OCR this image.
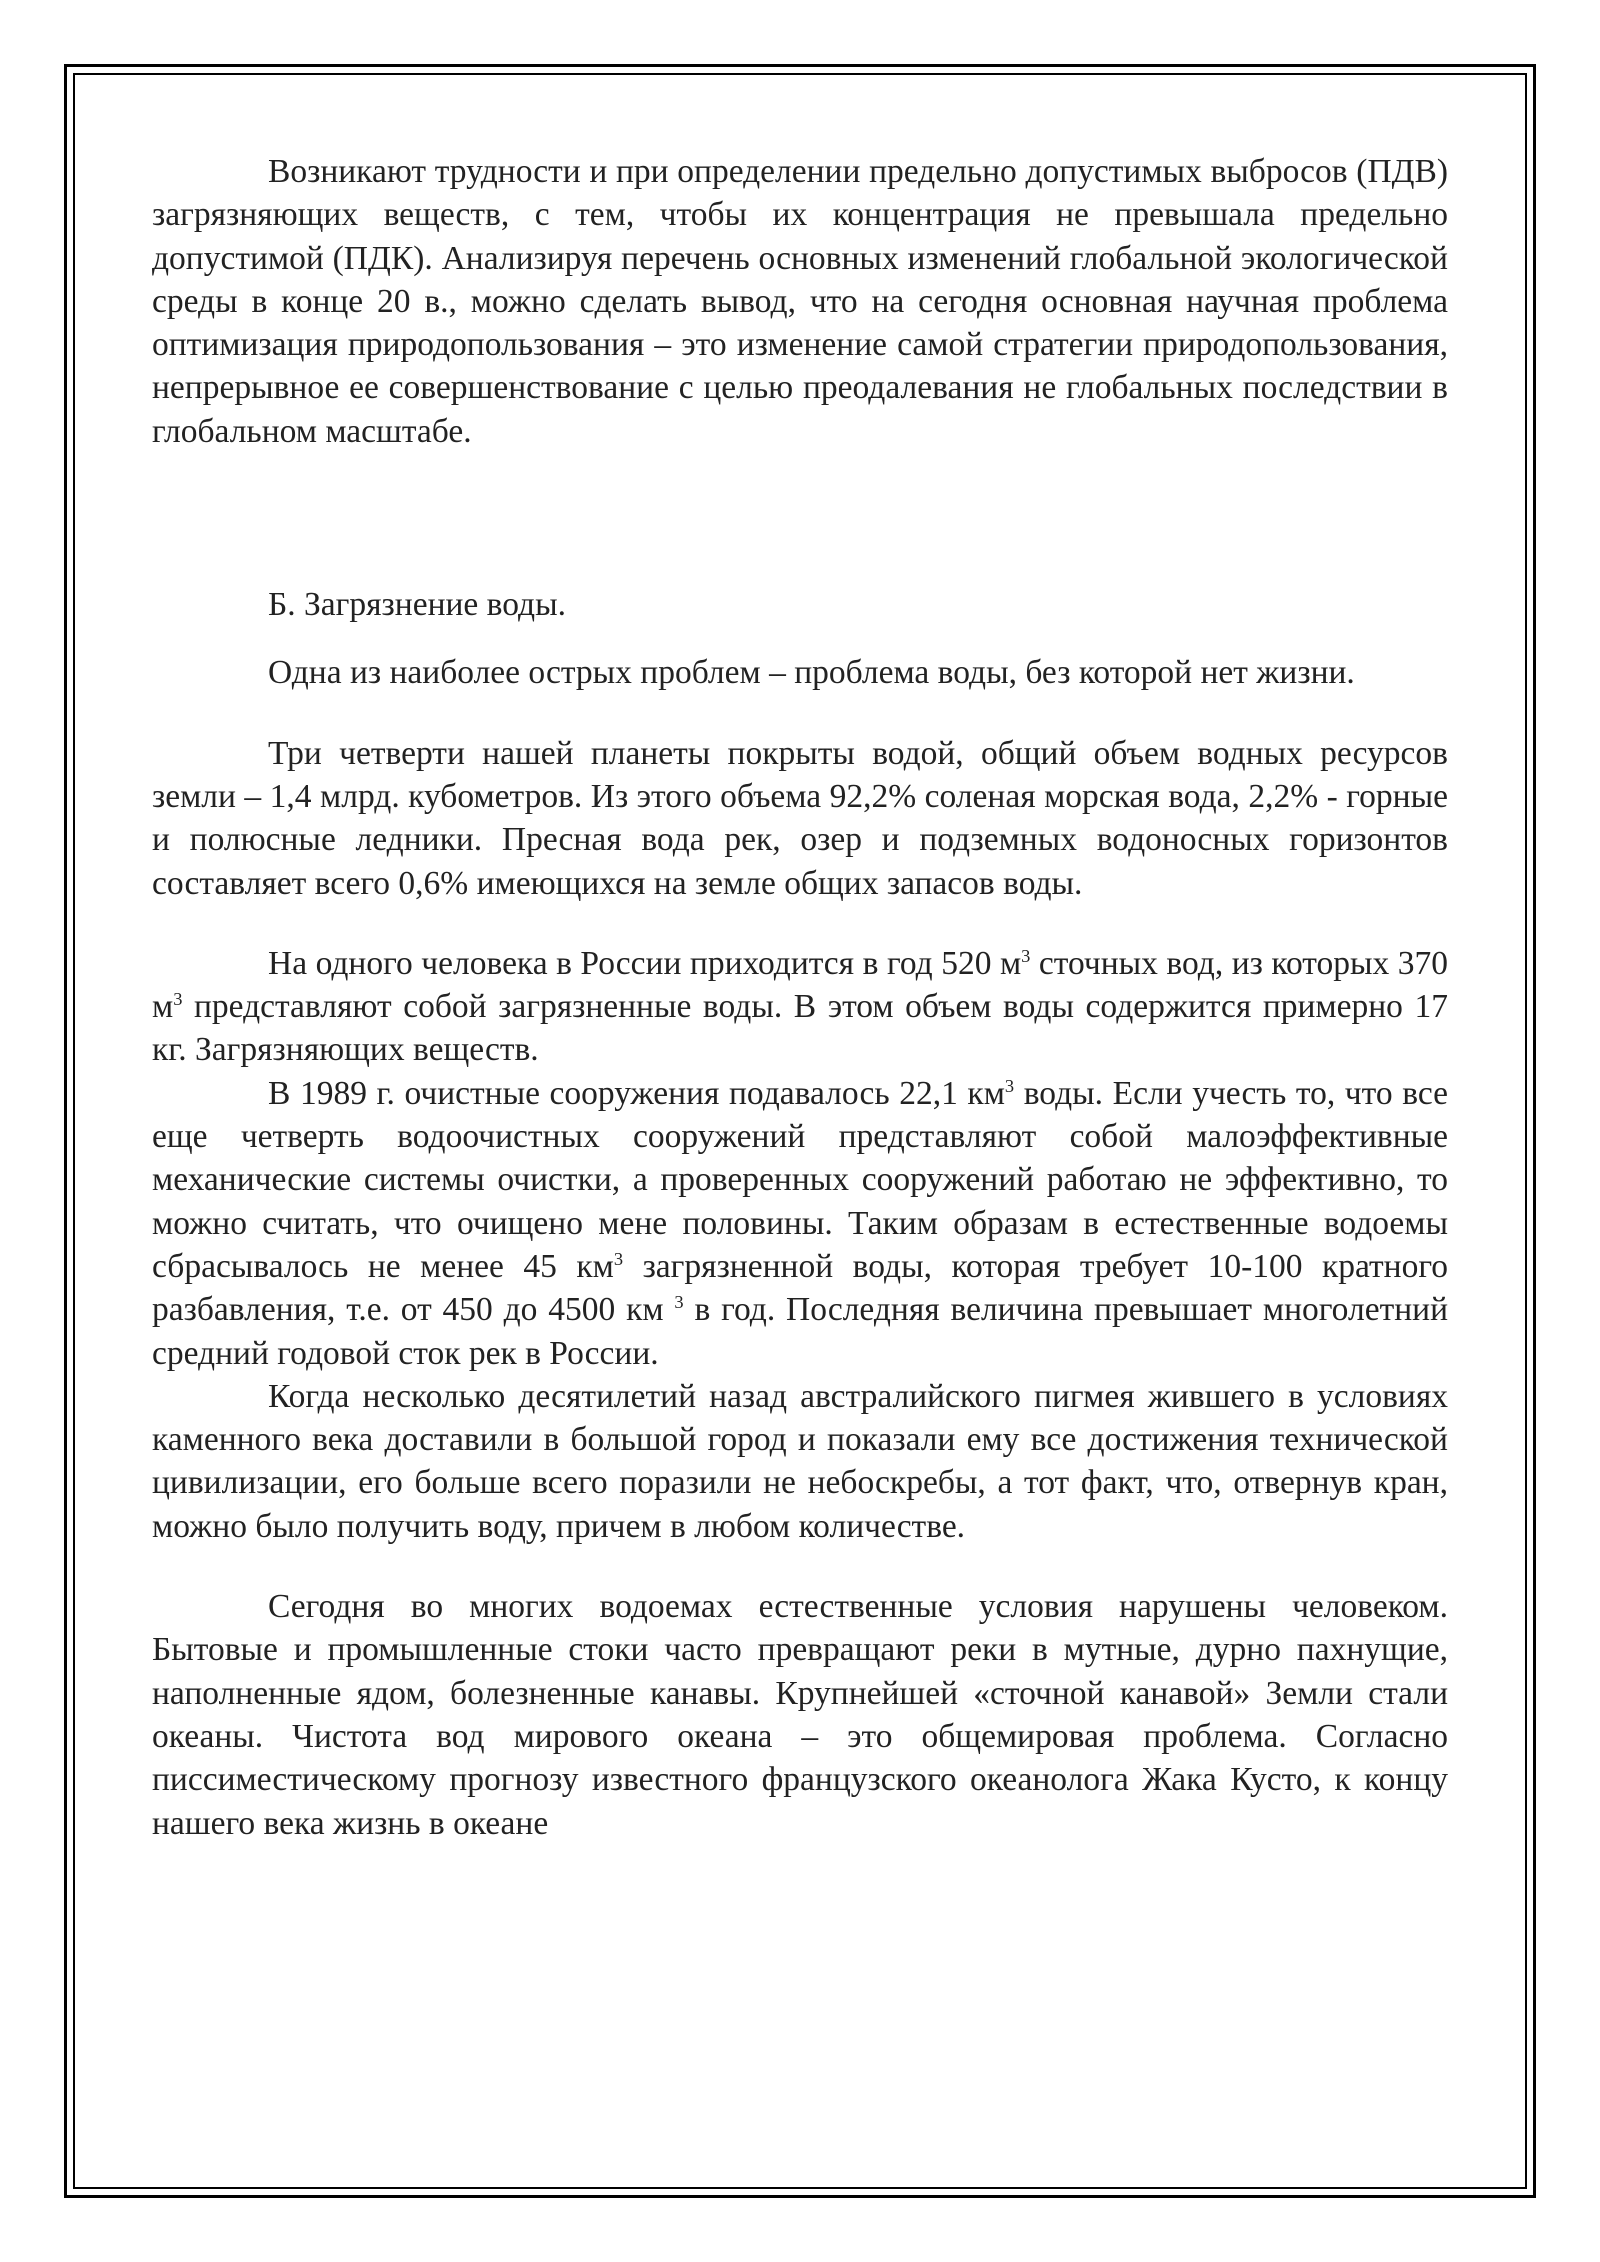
Возникают трудности и при определении предельно допустимых выбросов (ПДВ) загрязняющих веществ, с тем, чтобы их концентрация не превышала предельно допустимой (ПДК). Анализируя перечень основных изменений глобальной экологической среды в конце 20 в., можно сделать вывод, что на сегодня основная научная проблема оптимизация природопользования – это изменение самой стратегии природопользования, непрерывное ее совершенствование с целью преодалевания не глобальных последствии в глобальном масштабе.

Б. Загрязнение воды.

Одна из наиболее острых проблем – проблема воды, без которой нет жизни.

Три четверти нашей планеты покрыты водой, общий объем водных ресурсов земли – 1,4 млрд. кубометров. Из этого объема 92,2% соленая морская вода, 2,2% - горные и полюсные ледники. Пресная вода рек, озер и подземных водоносных горизонтов составляет всего 0,6% имеющихся на земле общих запасов воды.

На одного человека в России приходится в год 520 $м^3$ сточных вод, из которых 370 $м^3$ представляют собой загрязненные воды. В этом объем воды содержится примерно 17 кг. Загрязняющих веществ.

В 1989 г. очистные сооружения подавалось 22,1 $км^3$ воды. Если учесть то, что все еще четверть водоочистных сооружений представляют собой малоэффективные механические системы очистки, а проверенных сооружений работаю не эффективно, то можно считать, что очищено мене половины. Таким образам в естественные водоемы сбрасывалось не менее 45 $км^3$ загрязненной воды, которая требует 10-100 кратного разбавления, т.е. от 450 до 4500 км $^3$ в год. Последняя величина превышает многолетний средний годовой сток рек в России.

Когда несколько десятилетий назад австралийского пигмея жившего в условиях каменного века доставили в большой город и показали ему все достижения технической цивилизации, его больше всего поразили не небоскребы, а тот факт, что, отвернув кран, можно было получить воду, причем в любом количестве.

Сегодня во многих водоемах естественные условия нарушены человеком. Бытовые и промышленные стоки часто превращают реки в мутные, дурно пахнущие, наполненные ядом, болезненные канавы. Крупнейшей «сточной канавой» Земли стали океаны. Чистота вод мирового океана – это общемировая проблема. Согласно писсиместическому прогнозу известного французского океанолога Жака Кусто, к концу нашего века жизнь в океане
